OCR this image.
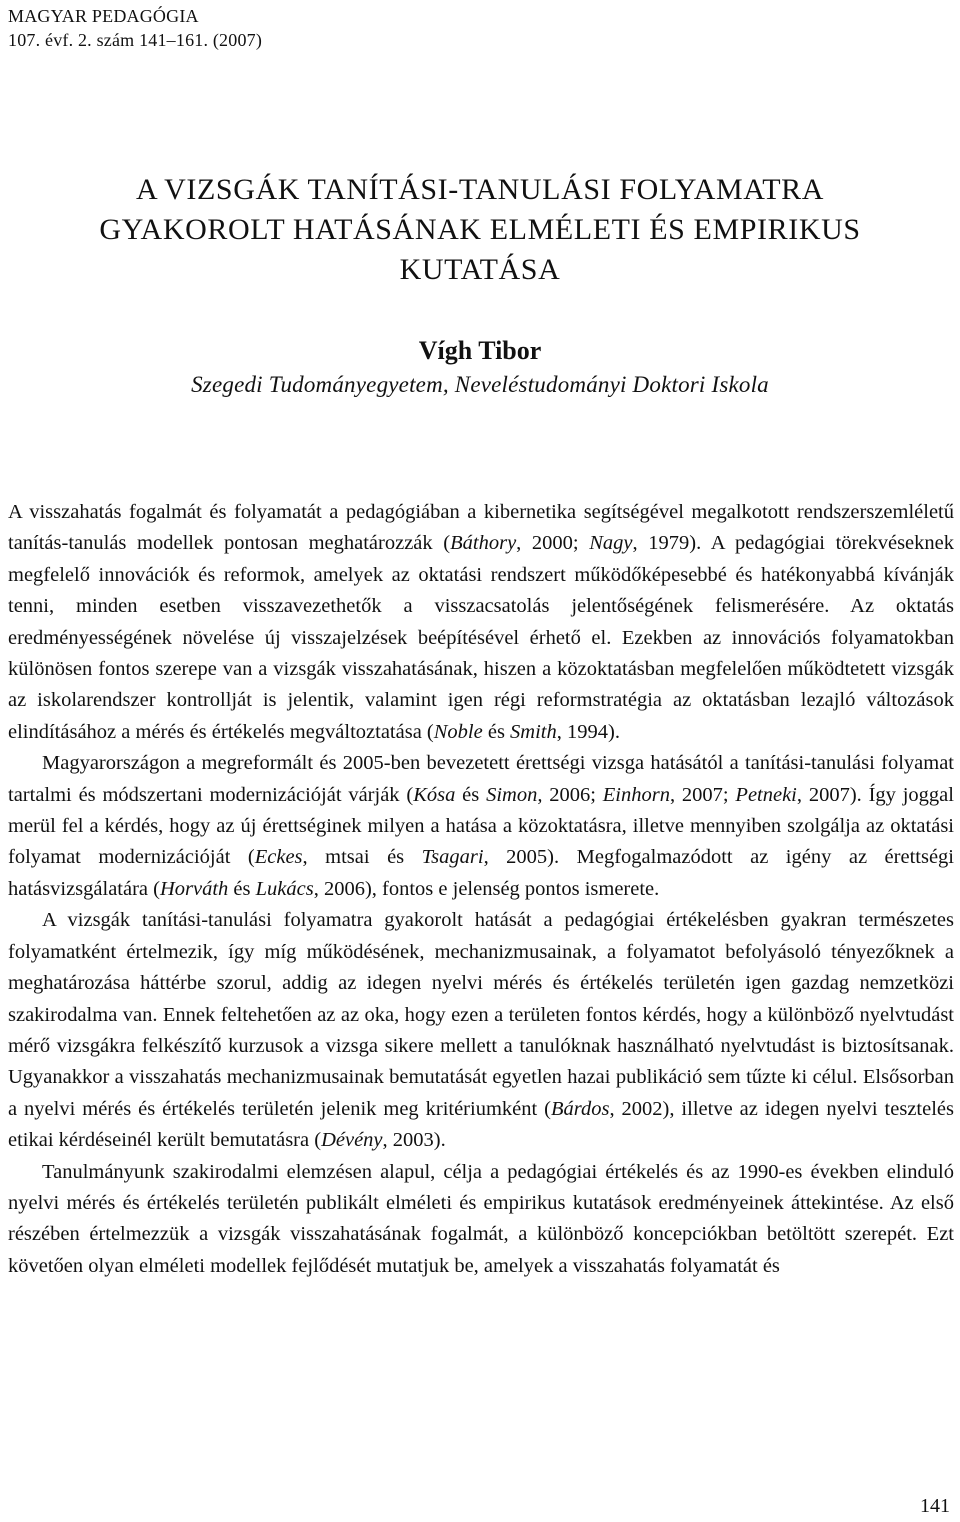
MAGYAR PEDAGÓGIA
107. évf. 2. szám 141–161. (2007)
A VIZSGÁK TANÍTÁSI-TANULÁSI FOLYAMATRA
GYAKOROLT HATÁSÁNAK ELMÉLETI ÉS EMPIRIKUS
KUTATÁSA
Vígh Tibor
Szegedi Tudományegyetem, Neveléstudományi Doktori Iskola

A visszahatás fogalmát és folyamatát a pedagógiában a kibernetika segítségével megalkotott rendszerszemléletű tanítás-tanulás modellek pontosan meghatározzák (Báthory, 2000; Nagy, 1979). A pedagógiai törekvéseknek megfelelő innovációk és reformok, amelyek az oktatási rendszert működőképesebbé és hatékonyabbá kívánják tenni, minden esetben visszavezethetők a visszacsatolás jelentőségének felismerésére. Az oktatás eredményességének növelése új visszajelzések beépítésével érhető el. Ezekben az innovációs folyamatokban különösen fontos szerepe van a vizsgák visszahatásának, hiszen a közoktatásban megfelelően működtetett vizsgák az iskolarendszer kontrollját is jelentik, valamint igen régi reformstratégia az oktatásban lezajló változások elindításához a mérés és értékelés megváltoztatása (Noble és Smith, 1994).

Magyarországon a megreformált és 2005-ben bevezetett érettségi vizsga hatásától a tanítási-tanulási folyamat tartalmi és módszertani modernizációját várják (Kósa és Simon, 2006; Einhorn, 2007; Petneki, 2007). Így joggal merül fel a kérdés, hogy az új érettséginek milyen a hatása a közoktatásra, illetve mennyiben szolgálja az oktatási folyamat modernizációját (Eckes, mtsai és Tsagari, 2005). Megfogalmazódott az igény az érettségi hatásvizsgálatára (Horváth és Lukács, 2006), fontos e jelenség pontos ismerete.

A vizsgák tanítási-tanulási folyamatra gyakorolt hatását a pedagógiai értékelésben gyakran természetes folyamatként értelmezik, így míg működésének, mechanizmusainak, a folyamatot befolyásoló tényezőknek a meghatározása háttérbe szorul, addig az idegen nyelvi mérés és értékelés területén igen gazdag nemzetközi szakirodalma van. Ennek feltehetően az az oka, hogy ezen a területen fontos kérdés, hogy a különböző nyelvtudást mérő vizsgákra felkészítő kurzusok a vizsga sikere mellett a tanulóknak használható nyelvtudást is biztosítsanak. Ugyanakkor a visszahatás mechanizmusainak bemutatását egyetlen hazai publikáció sem tűzte ki célul. Elsősorban a nyelvi mérés és értékelés területén jelenik meg kritériumként (Bárdos, 2002), illetve az idegen nyelvi tesztelés etikai kérdéseinél került bemutatásra (Dévény, 2003).

Tanulmányunk szakirodalmi elemzésen alapul, célja a pedagógiai értékelés és az 1990-es években elinduló nyelvi mérés és értékelés területén publikált elméleti és empirikus kutatások eredményeinek áttekintése. Az első részében értelmezzük a vizsgák visszahatásának fogalmát, a különböző koncepciókban betöltött szerepét. Ezt követően olyan elméleti modellek fejlődését mutatjuk be, amelyek a visszahatás folyamatát és

141
